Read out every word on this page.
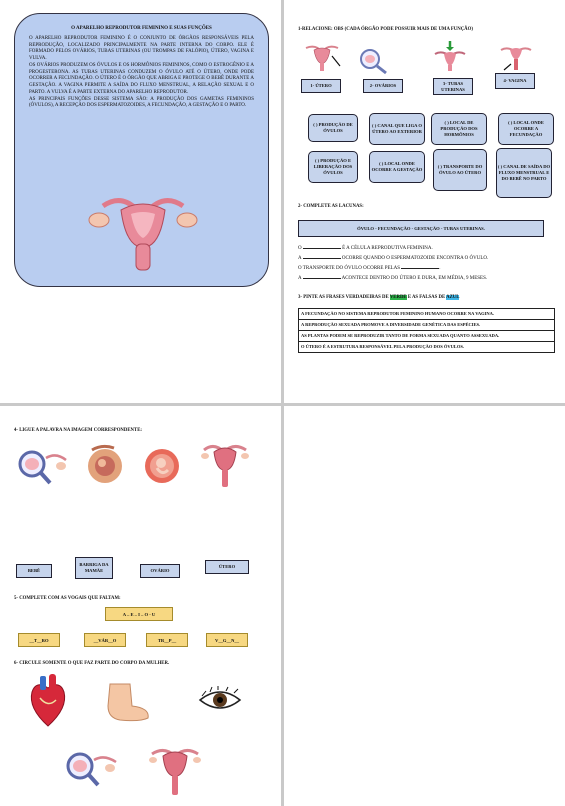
O APARELHO REPRODUTOR FEMININO E SUAS FUNÇÕES
O APARELHO REPRODUTOR FEMININO É O CONJUNTO DE ÓRGÃOS RESPONSÁVEIS PELA REPRODUÇÃO, LOCALIZADO PRINCIPALMENTE NA PARTE INTERNA DO CORPO. ELE É FORMADO PELOS OVÁRIOS, TUBAS UTERINAS (OU TROMPAS DE FALÓPIO), ÚTERO, VAGINA E VULVA.
OS OVÁRIOS PRODUZEM OS ÓVULOS E OS HORMÔNIOS FEMININOS, COMO O ESTROGÊNIO E A PROGESTERONA. AS TUBAS UTERINAS CONDUZEM O ÓVULO ATÉ O ÚTERO, ONDE PODE OCORRER A FECUNDAÇÃO. O ÚTERO É O ÓRGÃO QUE ABRIGA E PROTEGE O BEBÊ DURANTE A GESTAÇÃO. A VAGINA PERMITE A SAÍDA DO FLUXO MENSTRUAL, A RELAÇÃO SEXUAL E O PARTO. A VULVA É A PARTE EXTERNA DO APARELHO REPRODUTOR.
AS PRINCIPAIS FUNÇÕES DESSE SISTEMA SÃO: A PRODUÇÃO DOS GAMETAS FEMININOS (ÓVULOS), A RECEPÇÃO DOS ESPERMATOZOIDES, A FECUNDAÇÃO, A GESTAÇÃO E O PARTO.
1-RELACIONE: OBS (CADA ÓRGÃO PODE POSSUIR MAIS DE UMA FUNÇÃO)
1- ÚTERO	2- OVÁRIOS	3- TUBAS UTERINAS
4- VAGINA
( ) PRODUÇÃO DE ÓVULOS
( ) CANAL QUE LIGA O ÚTERO AO EXTERIOR
( ) LOCAL DE PRODUÇÃO DOS HORMÔNIOS
( ) LOCAL ONDE OCORRE A FECUNDAÇÃO
( ) PRODUÇÃO E LIBERAÇÃO DOS ÓVULOS
( ) LOCAL ONDE OCORRE A GESTAÇÃO
( ) TRANSPORTE DO ÓVULO AO ÚTERO
( ) CANAL DE SAÍDA DO FLUXO MENSTRUAL E DO BEBÊ NO PARTO
2- COMPLETE AS LACUNAS:
ÓVULO - FECUNDAÇÃO - GESTAÇÃO - TUBAS UTERINAS.
O	É A CÉLULA REPRODUTIVA FEMININA.
A	OCORRE QUANDO O ESPERMATOZOIDE ENCONTRA O ÓVULO.
O TRANSPORTE DO ÓVULO OCORRE PELAS	.
A	ACONTECE DENTRO DO ÚTERO E DURA, EM MÉDIA, 9 MESES.
3- PINTE AS FRASES VERDADEIRAS DE VERDE E AS FALSAS DE AZUL
A FECUNDAÇÃO NO SISTEMA REPRODUTOR FEMININO HUMANO OCORRE NA VAGINA.
A REPRODUÇÃO SEXUADA PROMOVE A DIVERSIDADE GENÉTICA DAS ESPÉCIES.
AS PLANTAS PODEM SE REPRODUZIR TANTO DE FORMA SEXUADA QUANTO ASSEXUADA.
O ÚTERO É A ESTRUTURA RESPONSÁVEL PELA PRODUÇÃO DOS ÓVULOS.
4- LIGUE A PALAVRA NA IMAGEM CORRESPONDENTE:
BEBÊ
BARRIGA DA MAMÃE	OVÁRIO
ÚTERO
5- COMPLETE COM AS VOGAIS QUE FALTAM:
A – E – I – O - U
__T__RO	__VÁR__O	TR__P__	V__G__N__
6- CIRCULE SOMENTE O QUE FAZ PARTE DO CORPO DA MULHER.
